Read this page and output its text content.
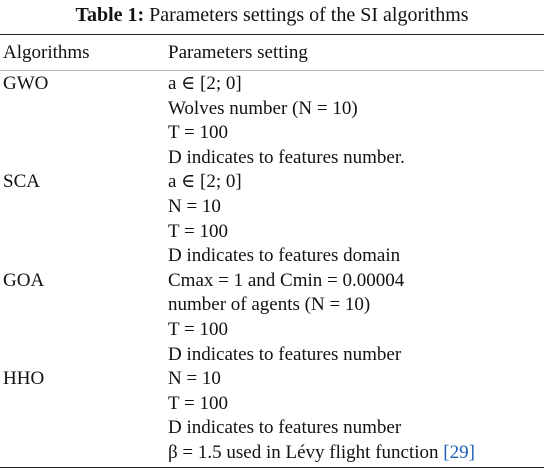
Table 1: Parameters settings of the SI algorithms
Algorithms	Parameters setting

GWO	a ∈ [2; 0]
Wolves number (N = 10)
T = 100
D indicates to features number.

SCA	a ∈ [2; 0]
N = 10
T = 100
D indicates to features domain

GOA	Cmax = 1 and Cmin = 0.00004
number of agents (N = 10)
T = 100
D indicates to features number

HHO	N = 10
T = 100
D indicates to features number
β = 1.5 used in Lévy flight function [29]
